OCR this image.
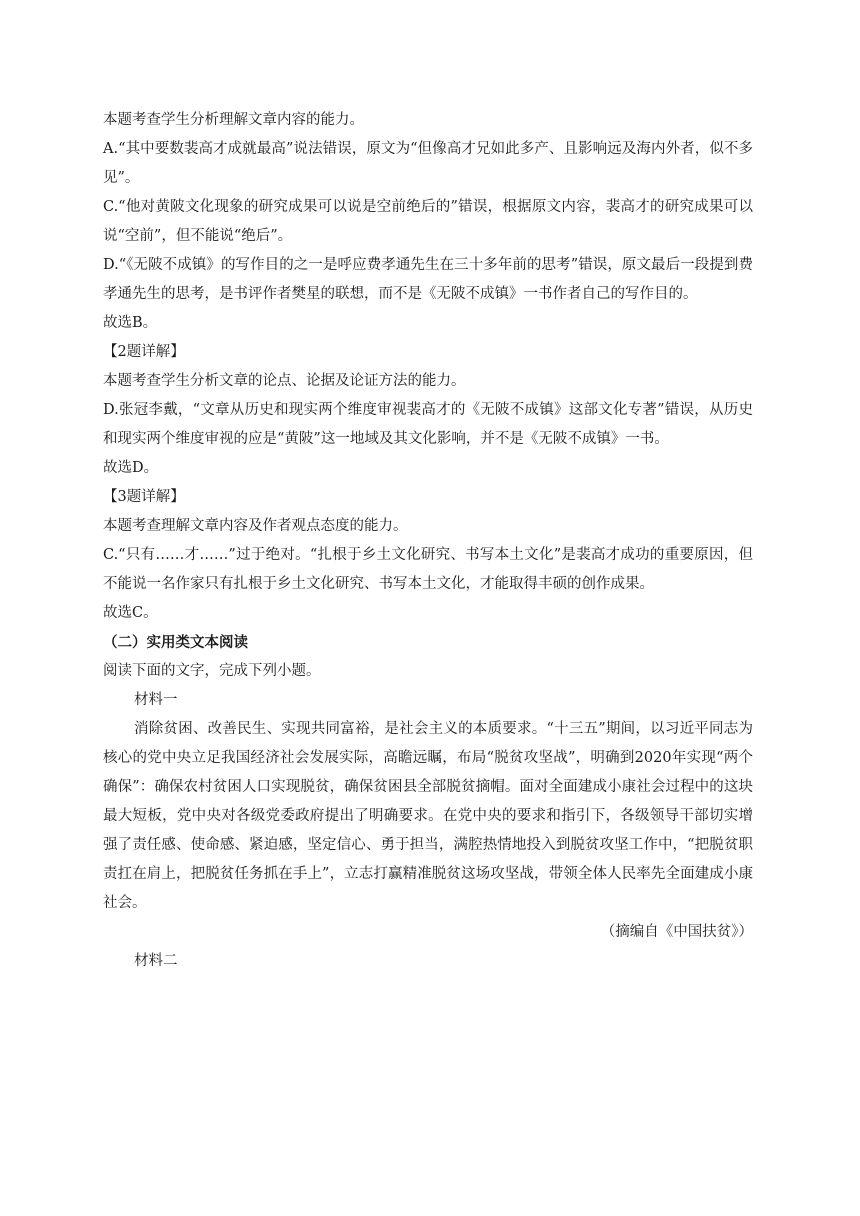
本题考查学生分析理解文章内容的能力。

A.“其中要数裴高才成就最高”说法错误，原文为“但像高才兄如此多产、且影响远及海内外者，似不多见”。

C.“他对黄陂文化现象的研究成果可以说是空前绝后的”错误，根据原文内容，裴高才的研究成果可以说“空前”，但不能说“绝后”。

D.“《无陂不成镇》的写作目的之一是呼应费孝通先生在三十多年前的思考”错误，原文最后一段提到费孝通先生的思考，是书评作者樊星的联想，而不是《无陂不成镇》一书作者自己的写作目的。

故选B。

【2题详解】

本题考查学生分析文章的论点、论据及论证方法的能力。

D.张冠李戴，“文章从历史和现实两个维度审视裴高才的《无陂不成镇》这部文化专著”错误，从历史和现实两个维度审视的应是“黄陂”这一地域及其文化影响，并不是《无陂不成镇》一书。

故选D。

【3题详解】

本题考查理解文章内容及作者观点态度的能力。

C.“只有……才……”过于绝对。“扎根于乡土文化研究、书写本土文化”是裴高才成功的重要原因，但不能说一名作家只有扎根于乡土文化研究、书写本土文化，才能取得丰硕的创作成果。

故选C。

（二）实用类文本阅读

阅读下面的文字，完成下列小题。

材料一

消除贫困、改善民生、实现共同富裕，是社会主义的本质要求。“十三五”期间，以习近平同志为核心的党中央立足我国经济社会发展实际，高瞻远瞩，布局“脱贫攻坚战”，明确到2020年实现“两个确保”：确保农村贫困人口实现脱贫，确保贫困县全部脱贫摘帽。面对全面建成小康社会过程中的这块最大短板，党中央对各级党委政府提出了明确要求。在党中央的要求和指引下，各级领导干部切实增强了责任感、使命感、紧迫感，坚定信心、勇于担当，满腔热情地投入到脱贫攻坚工作中，“把脱贫职责扛在肩上，把脱贫任务抓在手上”，立志打赢精准脱贫这场攻坚战，带领全体人民率先全面建成小康社会。

（摘编自《中国扶贫》）

材料二
